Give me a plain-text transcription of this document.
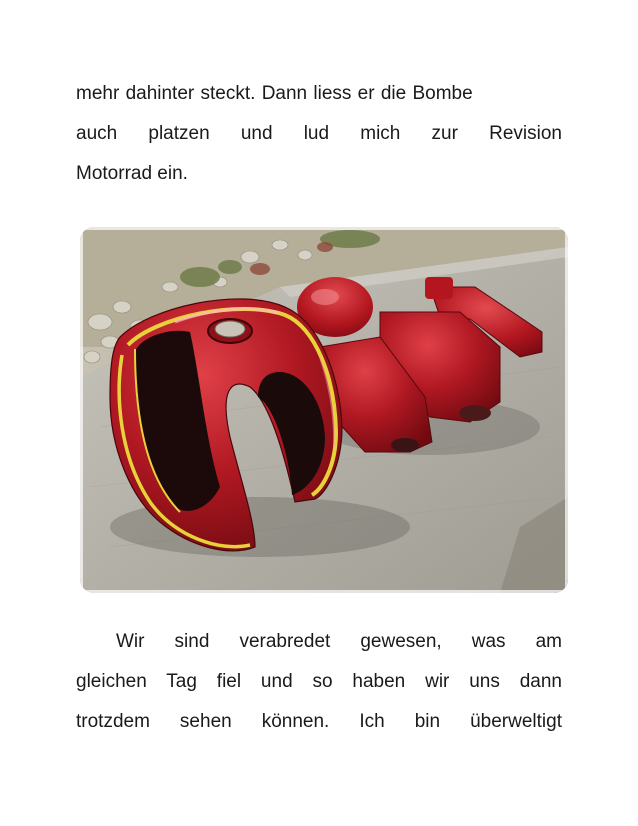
mehr dahinter steckt. Dann liess er die Bombe
auch platzen und lud mich zur Revision
Motorrad ein.
Wir sind verabredet gewesen, was am
gleichen Tag fiel und so haben wir uns dann
trotzdem sehen können. Ich bin überweltigt
